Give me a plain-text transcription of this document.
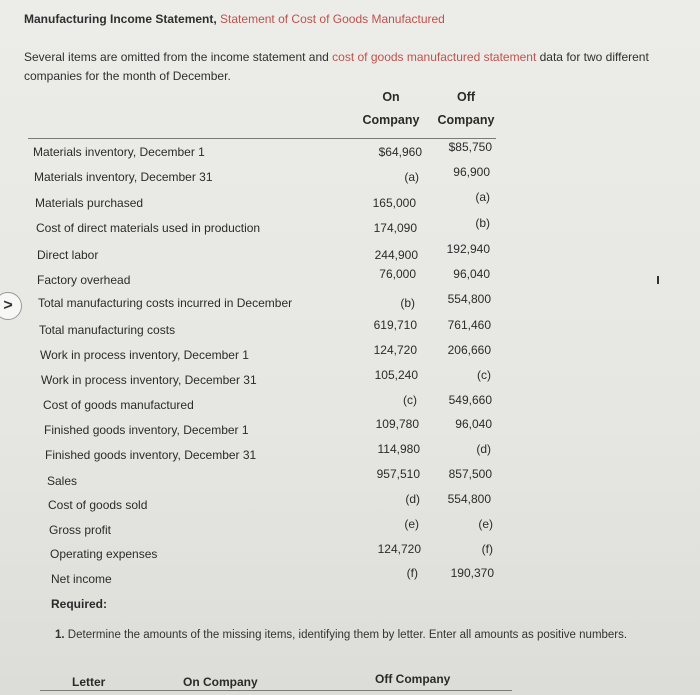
Manufacturing Income Statement, Statement of Cost of Goods Manufactured
Several items are omitted from the income statement and cost of goods manufactured statement data for two different companies for the month of December.
On
Company
Off
Company
Materials inventory, December 1	$64,960	$85,750
Materials inventory, December 31	(a)	96,900
Materials purchased	165,000	(a)
Cost of direct materials used in production	174,090	(b)
Direct labor	244,900	192,940
Factory overhead	76,000	96,040
Total manufacturing costs incurred in December	(b)	554,800
Total manufacturing costs	619,710	761,460
Work in process inventory, December 1	124,720	206,660
Work in process inventory, December 31	105,240	(c)
Cost of goods manufactured	(c)	549,660
Finished goods inventory, December 1	109,780	96,040
Finished goods inventory, December 31	114,980	(d)
Sales	957,510	857,500
Cost of goods sold	(d)	554,800
Gross profit	(e)	(e)
Operating expenses	124,720	(f)
Net income	(f)	190,370
>
Required:
1. Determine the amounts of the missing items, identifying them by letter. Enter all amounts as positive numbers.
Letter	On Company	Off Company
